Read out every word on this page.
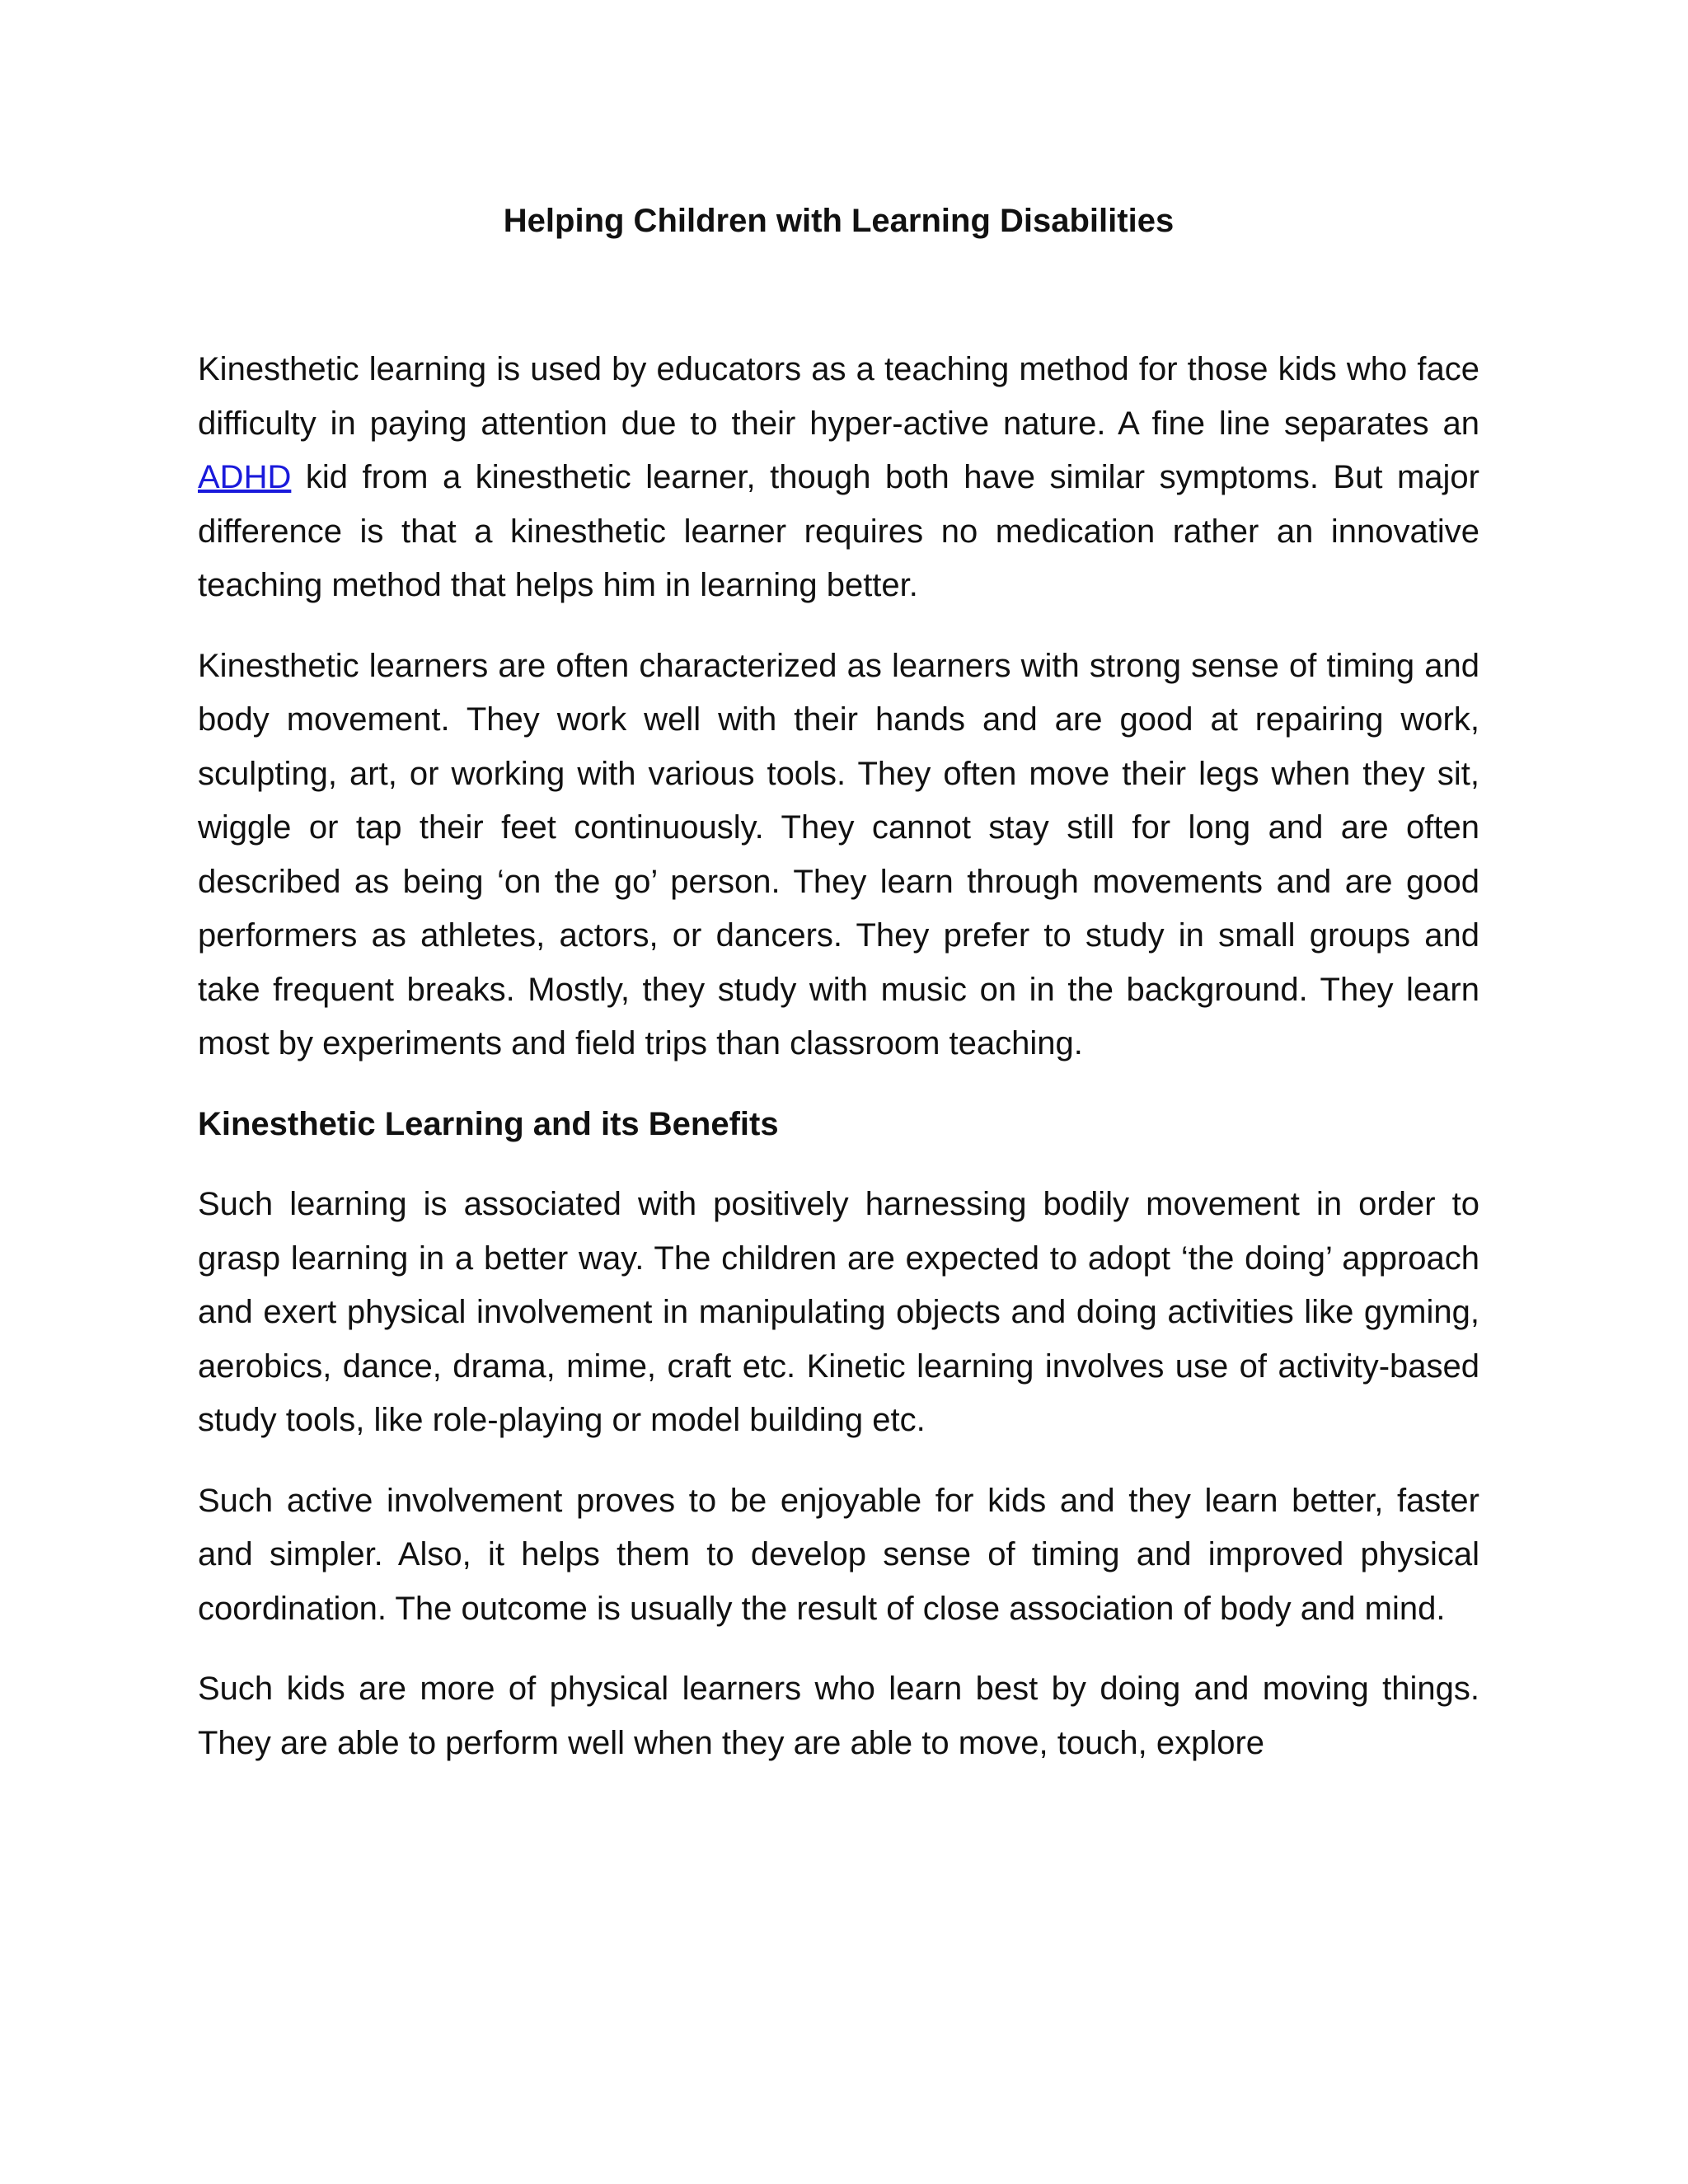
Helping Children with Learning Disabilities

Kinesthetic learning is used by educators as a teaching method for those kids who face difficulty in paying attention due to their hyper-active nature. A fine line separates an ADHD kid from a kinesthetic learner, though both have similar symptoms. But major difference is that a kinesthetic learner requires no medication rather an innovative teaching method that helps him in learning better.

Kinesthetic learners are often characterized as learners with strong sense of timing and body movement. They work well with their hands and are good at repairing work, sculpting, art, or working with various tools. They often move their legs when they sit, wiggle or tap their feet continuously. They cannot stay still for long and are often described as being ‘on the go’ person. They learn through movements and are good performers as athletes, actors, or dancers. They prefer to study in small groups and take frequent breaks. Mostly, they study with music on in the background. They learn most by experiments and field trips than classroom teaching.

Kinesthetic Learning and its Benefits

Such learning is associated with positively harnessing bodily movement in order to grasp learning in a better way. The children are expected to adopt ‘the doing’ approach and exert physical involvement in manipulating objects and doing activities like gyming, aerobics, dance, drama, mime, craft etc. Kinetic learning involves use of activity-based study tools, like role-playing or model building etc.

Such active involvement proves to be enjoyable for kids and they learn better, faster and simpler. Also, it helps them to develop sense of timing and improved physical coordination. The outcome is usually the result of close association of body and mind.

Such kids are more of physical learners who learn best by doing and moving things. They are able to perform well when they are able to move, touch, explore
